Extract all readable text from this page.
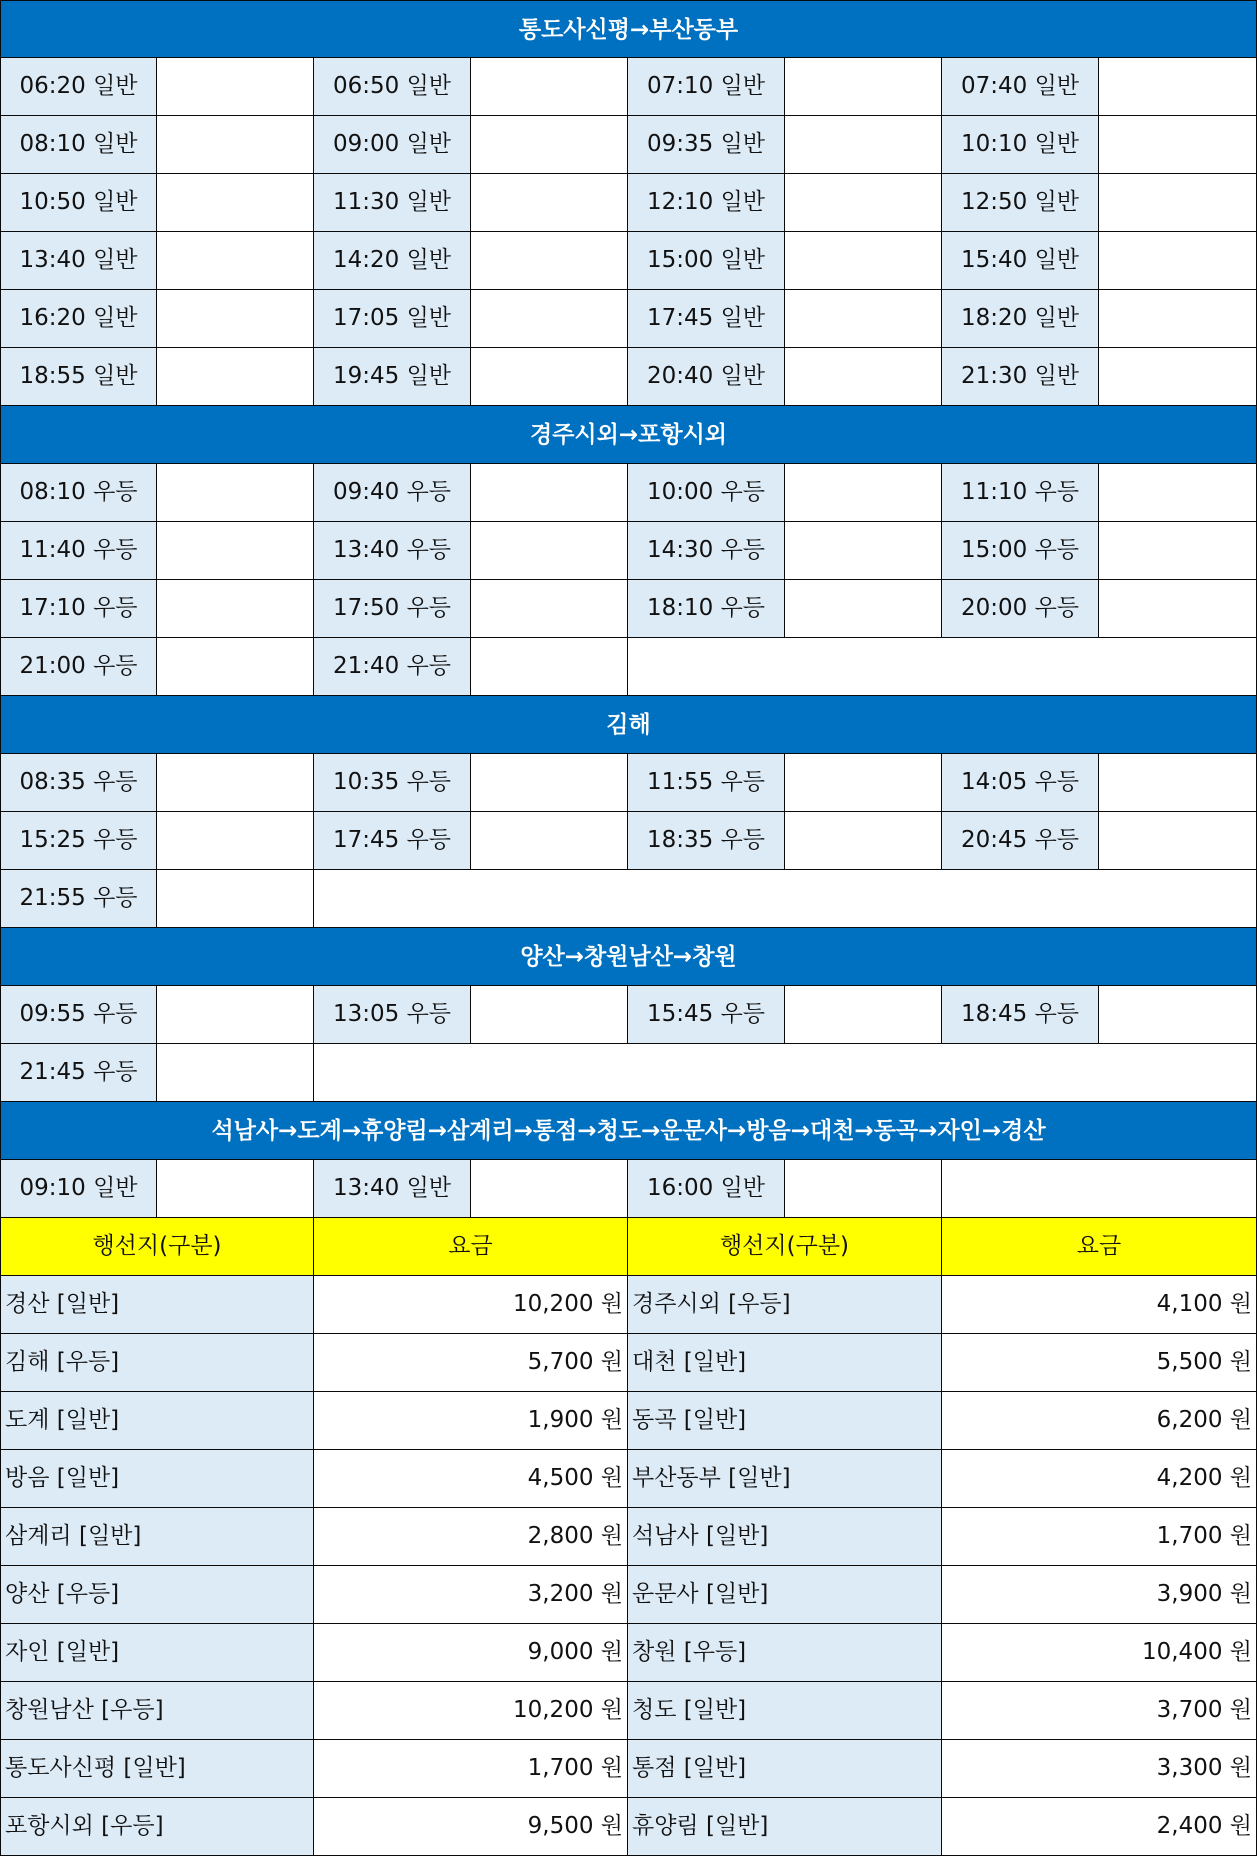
통도사신평→부산동부
06:20 일반	06:50 일반	07:10 일반	07:40 일반
08:10 일반	09:00 일반	09:35 일반	10:10 일반
10:50 일반	11:30 일반	12:10 일반	12:50 일반
13:40 일반	14:20 일반	15:00 일반	15:40 일반
16:20 일반	17:05 일반	17:45 일반	18:20 일반
18:55 일반	19:45 일반	20:40 일반	21:30 일반
경주시외→포항시외
08:10 우등	09:40 우등	10:00 우등	11:10 우등
11:40 우등	13:40 우등	14:30 우등	15:00 우등
17:10 우등	17:50 우등	18:10 우등	20:00 우등
21:00 우등	21:40 우등
김해
08:35 우등	10:35 우등	11:55 우등	14:05 우등
15:25 우등	17:45 우등	18:35 우등	20:45 우등
21:55 우등
양산→창원남산→창원
09:55 우등	13:05 우등	15:45 우등	18:45 우등
21:45 우등
석남사→도계→휴양림→삼계리→통점→청도→운문사→방음→대천→동곡→자인→경산
09:10 일반	13:40 일반	16:00 일반
행선지(구분)	요금	행선지(구분)	요금
경산 [일반]	10,200 원 경주시외 [우등]	4,100 원
김해 [우등]	5,700 원 대천 [일반]	5,500 원
도계 [일반]	1,900 원 동곡 [일반]	6,200 원
방음 [일반]	4,500 원 부산동부 [일반]	4,200 원
삼계리 [일반]	2,800 원 석남사 [일반]	1,700 원
양산 [우등]	3,200 원 운문사 [일반]	3,900 원
자인 [일반]	9,000 원 창원 [우등]	10,400 원
창원남산 [우등]	10,200 원 청도 [일반]	3,700 원
통도사신평 [일반]	1,700 원 통점 [일반]	3,300 원
포항시외 [우등]	9,500 원 휴양림 [일반]	2,400 원
